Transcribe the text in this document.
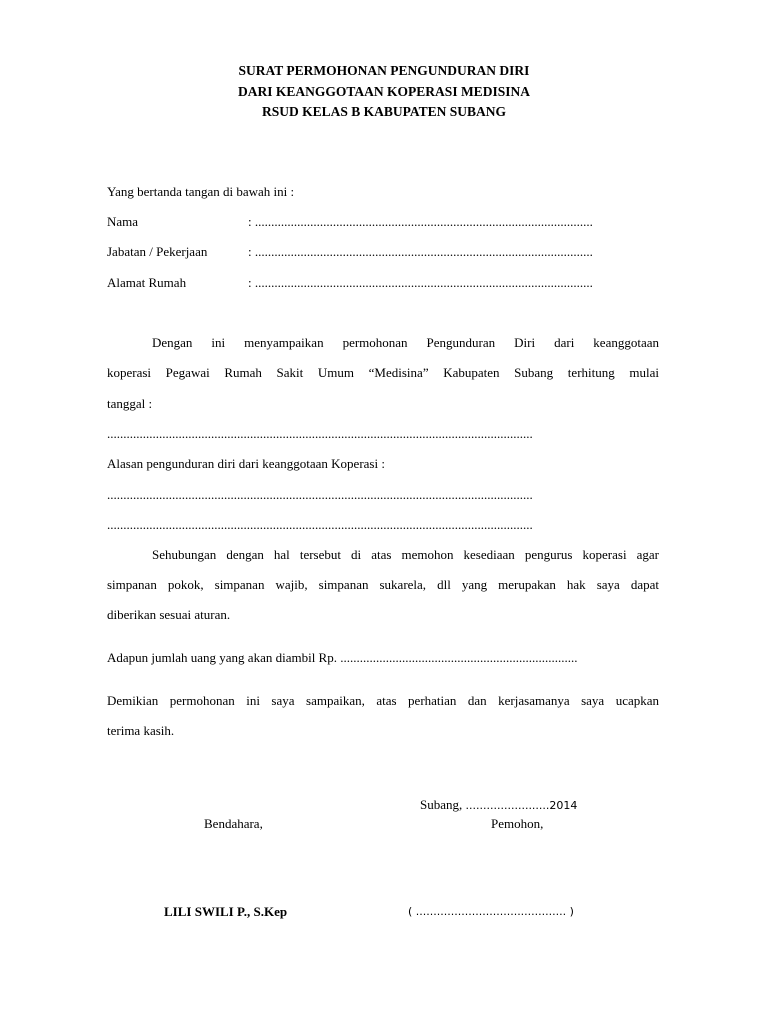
SURAT PERMOHONAN PENGUNDURAN DIRI
DARI KEANGGOTAAN KOPERASI MEDISINA
RSUD KELAS B KABUPATEN SUBANG
Yang bertanda tangan di bawah ini :
Nama	: ........................................................................................................
Jabatan / Pekerjaan	: ........................................................................................................
Alamat Rumah	: ........................................................................................................
Dengan ini menyampaikan permohonan Pengunduran Diri dari keanggotaan
koperasi Pegawai Rumah Sakit Umum “Medisina” Kabupaten Subang terhitung mulai
tanggal :
...................................................................................................................................
Alasan pengunduran diri dari keanggotaan Koperasi :
...................................................................................................................................
...................................................................................................................................
Sehubungan dengan hal tersebut di atas memohon kesediaan pengurus koperasi agar
simpanan pokok, simpanan wajib, simpanan sukarela, dll yang merupakan hak saya dapat
diberikan sesuai aturan.
Adapun jumlah uang yang akan diambil Rp. .........................................................................
Demikian permohonan ini saya sampaikan, atas perhatian dan kerjasamanya saya ucapkan
terima kasih.
Subang, ........................2014
Bendahara,	Pemohon,
LILI SWILI P., S.Kep	( ........................................... )
